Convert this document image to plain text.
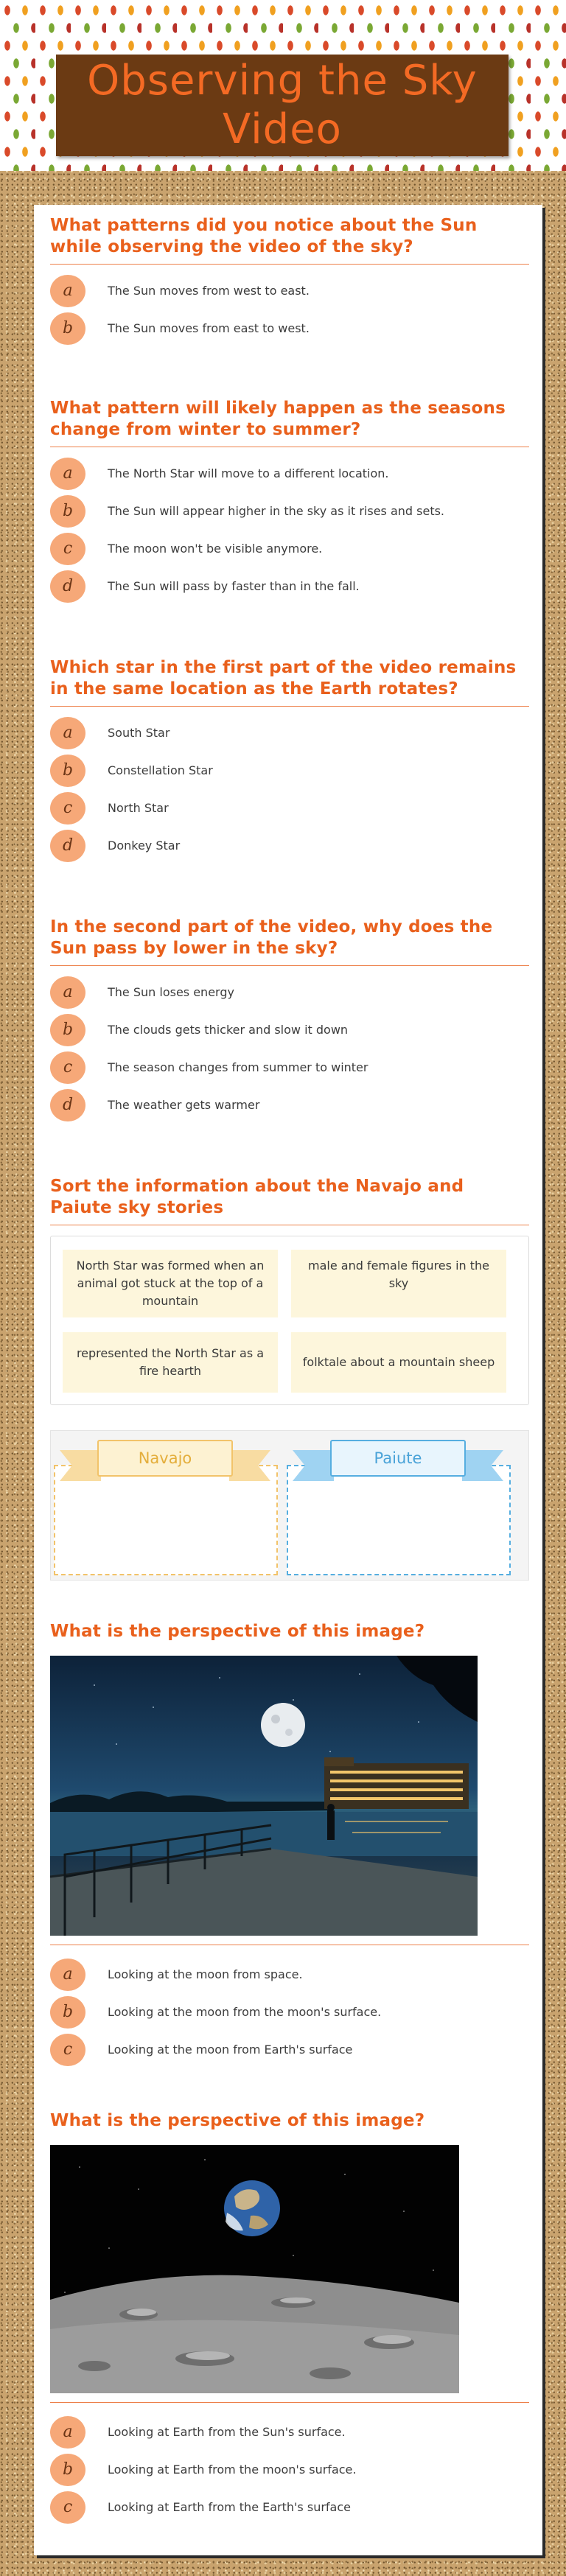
Observing the Sky Video
What patterns did you notice about the Sun while observing the video of the sky?
a	The Sun moves from west to east.
b	The Sun moves from east to west.
What pattern will likely happen as the seasons change from winter to summer?
a	The North Star will move to a different location.
b	The Sun will appear higher in the sky as it rises and sets.
c	The moon won't be visible anymore.
d	The Sun will pass by faster than in the fall.
Which star in the first part of the video remains in the same location as the Earth rotates?
a	South Star
b	Constellation Star
c	North Star
d	Donkey Star
In the second part of the video, why does the Sun pass by lower in the sky?
a	The Sun loses energy
b	The clouds gets thicker and slow it down
c	The season changes from summer to winter
d	The weather gets warmer
Sort the information about the Navajo and Paiute sky stories
North Star was formed when an animal got stuck at the top of a mountain
male and female figures in the sky
represented the North Star as a fire hearth
folktale about a mountain sheep
Navajo	Paiute
What is the perspective of this image?
a	Looking at the moon from space.
b	Looking at the moon from the moon's surface.
c	Looking at the moon from Earth's surface
What is the perspective of this image?
a	Looking at Earth from the Sun's surface.
b	Looking at Earth from the moon's surface.
c	Looking at Earth from the Earth's surface
